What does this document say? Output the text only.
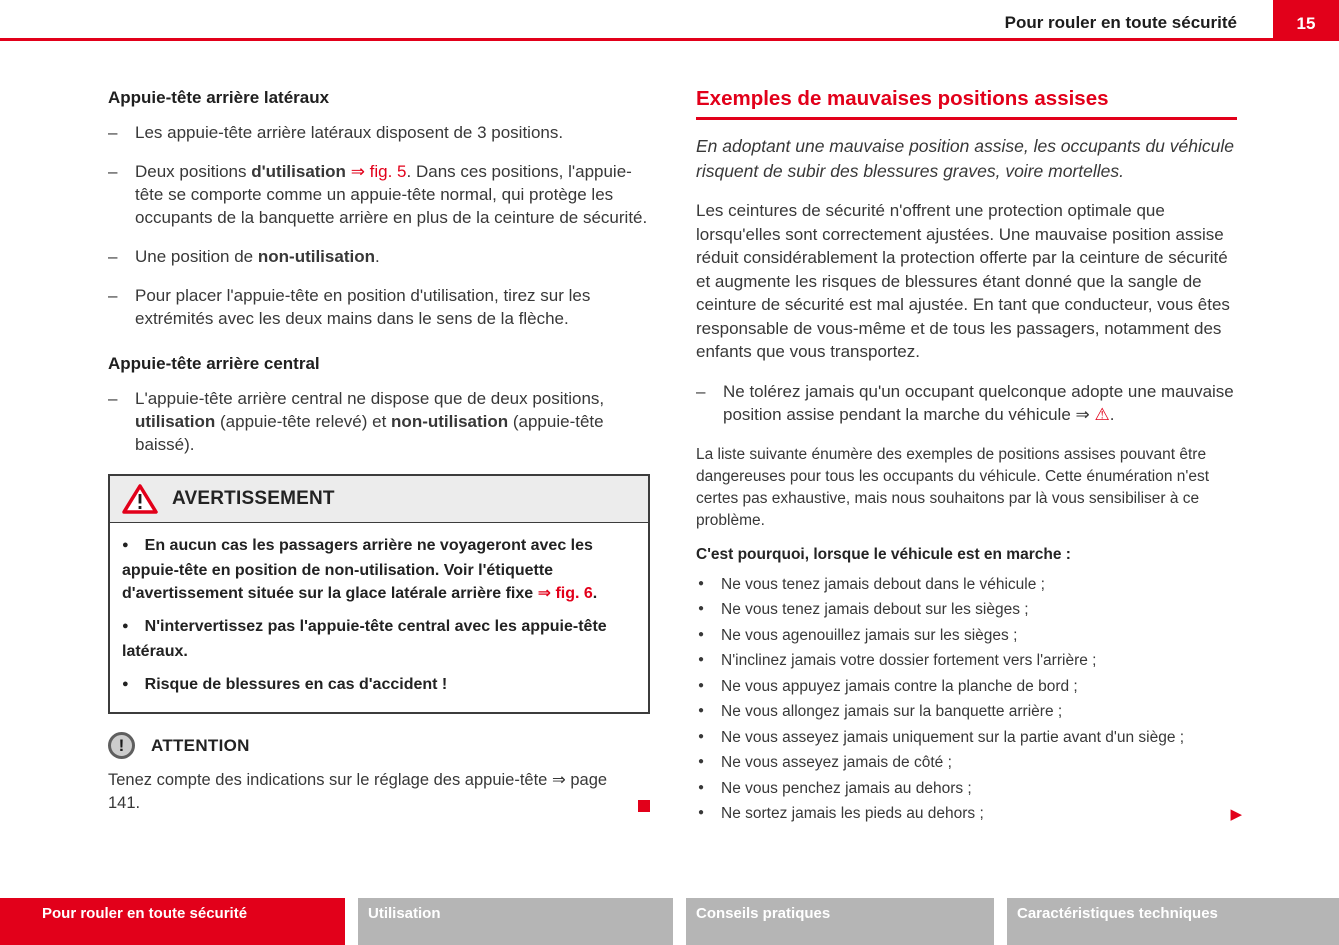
Pour rouler en toute sécurité	15
Appuie-tête arrière latéraux
– Les appuie-tête arrière latéraux disposent de 3 positions.
– Deux positions d'utilisation ⇒ fig. 5. Dans ces positions, l'appuie-tête se comporte comme un appuie-tête normal, qui protège les occupants de la banquette arrière en plus de la ceinture de sécurité.
– Une position de non-utilisation.
– Pour placer l'appuie-tête en position d'utilisation, tirez sur les extrémités avec les deux mains dans le sens de la flèche.
Appuie-tête arrière central
– L'appuie-tête arrière central ne dispose que de deux positions, utilisation (appuie-tête relevé) et non-utilisation (appuie-tête baissé).
AVERTISSEMENT

● En aucun cas les passagers arrière ne voyageront avec les appuie-tête en position de non-utilisation. Voir l'étiquette d'avertissement située sur la glace latérale arrière fixe ⇒ fig. 6.

● N'intervertissez pas l'appuie-tête central avec les appuie-tête latéraux.

● Risque de blessures en cas d'accident !

!	ATTENTION

Tenez compte des indications sur le réglage des appuie-tête ⇒ page 141.

Exemples de mauvaises positions assises

En adoptant une mauvaise position assise, les occupants du véhicule risquent de subir des blessures graves, voire mortelles.

Les ceintures de sécurité n'offrent une protection optimale que lorsqu'elles sont correctement ajustées. Une mauvaise position assise réduit considérablement la protection offerte par la ceinture de sécurité et augmente les risques de blessures étant donné que la sangle de ceinture de sécurité est mal ajustée. En tant que conducteur, vous êtes responsable de vous-même et de tous les passagers, notamment des enfants que vous transportez.

– Ne tolérez jamais qu'un occupant quelconque adopte une mauvaise position assise pendant la marche du véhicule ⇒ ⚠.

La liste suivante énumère des exemples de positions assises pouvant être dangereuses pour tous les occupants du véhicule. Cette énumération n'est certes pas exhaustive, mais nous souhaitons par là vous sensibiliser à ce problème.

C'est pourquoi, lorsque le véhicule est en marche :

● Ne vous tenez jamais debout dans le véhicule ;
● Ne vous tenez jamais debout sur les sièges ;
● Ne vous agenouillez jamais sur les sièges ;
● N'inclinez jamais votre dossier fortement vers l'arrière ;
● Ne vous appuyez jamais contre la planche de bord ;
● Ne vous allongez jamais sur la banquette arrière ;
● Ne vous asseyez jamais uniquement sur la partie avant d'un siège ;
● Ne vous asseyez jamais de côté ;
● Ne vous penchez jamais au dehors ;
● Ne sortez jamais les pieds au dehors ;	▶
Pour rouler en toute sécurité	Utilisation	Conseils pratiques	Caractéristiques techniques
